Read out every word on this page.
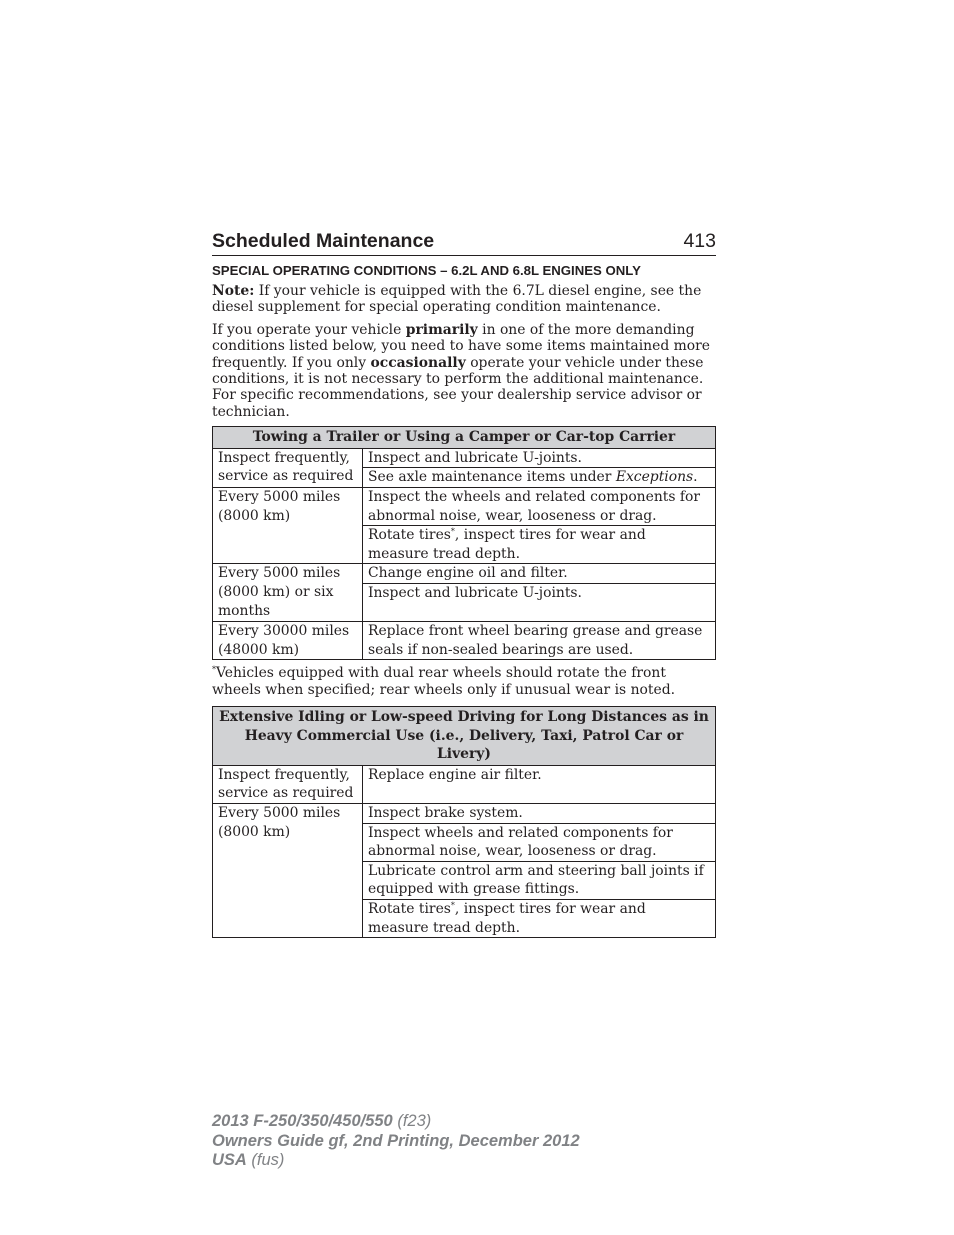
Scheduled Maintenance	413
SPECIAL OPERATING CONDITIONS – 6.2L AND 6.8L ENGINES ONLY

Note: If your vehicle is equipped with the 6.7L diesel engine, see the diesel supplement for special operating condition maintenance.

If you operate your vehicle primarily in one of the more demanding conditions listed below, you need to have some items maintained more frequently. If you only occasionally operate your vehicle under these conditions, it is not necessary to perform the additional maintenance. For specific recommendations, see your dealership service advisor or technician.

Towing a Trailer or Using a Camper or Car-top Carrier	
Inspect frequently, service as required	Inspect and lubricate U-joints.
	See axle maintenance items under Exceptions.
Every 5000 miles (8000 km)	Inspect the wheels and related components for abnormal noise, wear, looseness or drag.
	Rotate tires*, inspect tires for wear and measure tread depth.
Every 5000 miles (8000 km) or six months	Change engine oil and filter.
	Inspect and lubricate U-joints.
Every 30000 miles (48000 km)	Replace front wheel bearing grease and grease seals if non-sealed bearings are used.

*Vehicles equipped with dual rear wheels should rotate the front wheels when specified; rear wheels only if unusual wear is noted.

Extensive Idling or Low-speed Driving for Long Distances as in Heavy Commercial Use (i.e., Delivery, Taxi, Patrol Car or Livery)	
Inspect frequently, service as required	Replace engine air filter.
Every 5000 miles (8000 km)	Inspect brake system.
	Inspect wheels and related components for abnormal noise, wear, looseness or drag.
	Lubricate control arm and steering ball joints if equipped with grease fittings.
	Rotate tires*, inspect tires for wear and measure tread depth.
2013 F-250/350/450/550 (f23)
Owners Guide gf, 2nd Printing, December 2012
USA (fus)
